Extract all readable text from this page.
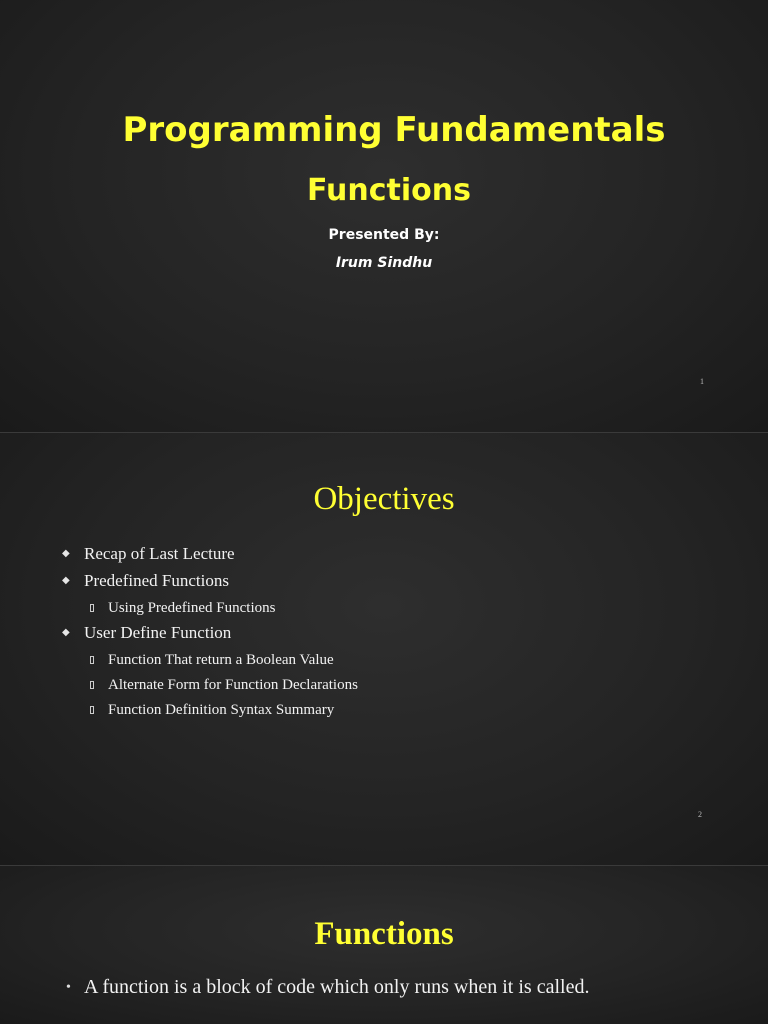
Programming Fundamentals
Functions
Presented By:
Irum Sindhu
1
Objectives
◆ Recap of Last Lecture
◆ Predefined Functions
Using Predefined Functions
◆ User Define Function
Function That return a Boolean Value
Alternate Form for Function Declarations
Function Definition Syntax Summary
2
Functions
• A function is a block of code which only runs when it is called.
